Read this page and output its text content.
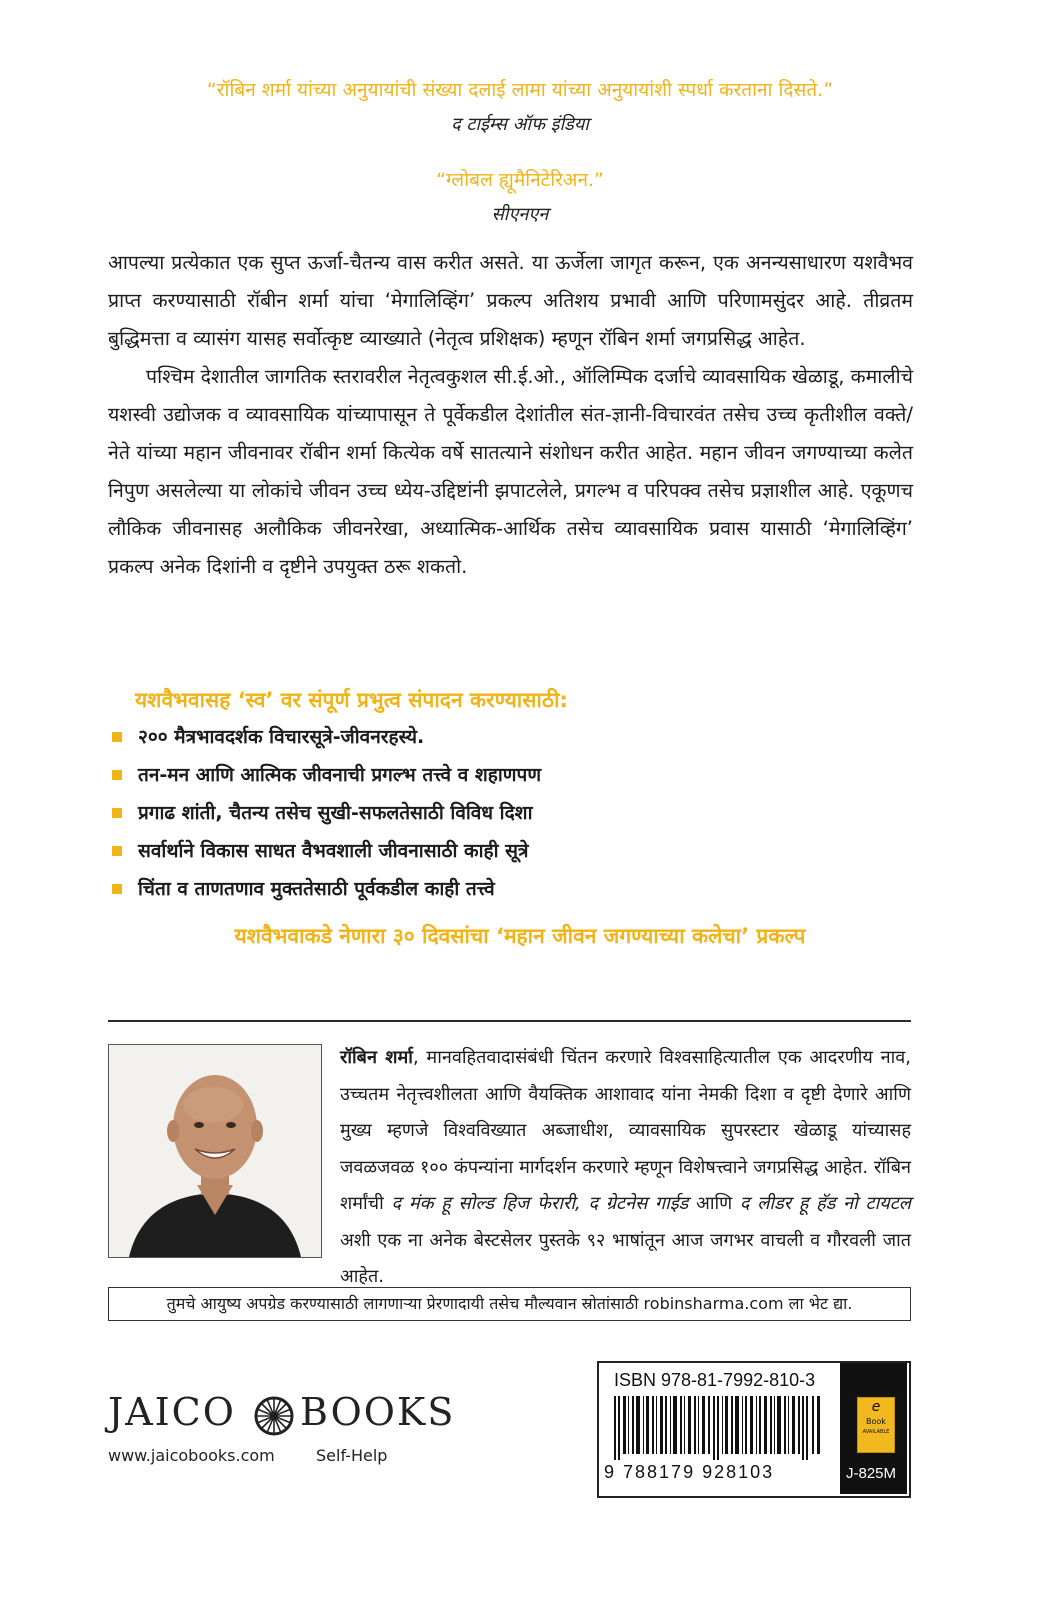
“रॉबिन शर्मा यांच्या अनुयायांची संख्या दलाई लामा यांच्या अनुयायांशी स्पर्धा करताना दिसते.”
द टाईम्स ऑफ इंडिया
“ग्लोबल ह्यूमैनिटेरिअन.”
सीएनएन

आपल्या प्रत्येकात एक सुप्त ऊर्जा-चैतन्य वास करीत असते. या ऊर्जेला जागृत करून, एक अनन्यसाधारण यशवैभव प्राप्त करण्यासाठी रॉबीन शर्मा यांचा ‘मेगालिव्हिंग’ प्रकल्प अतिशय प्रभावी आणि परिणामसुंदर आहे. तीव्रतम बुद्धिमत्ता व व्यासंग यासह सर्वोत्कृष्ट व्याख्याते (नेतृत्व प्रशिक्षक) म्हणून रॉबिन शर्मा जगप्रसिद्ध आहेत.

पश्चिम देशातील जागतिक स्तरावरील नेतृत्वकुशल सी.ई.ओ., ऑलिम्पिक दर्जाचे व्यावसायिक खेळाडू, कमालीचे यशस्वी उद्योजक व व्यावसायिक यांच्यापासून ते पूर्वेकडील देशांतील संत-ज्ञानी-विचारवंत तसेच उच्च कृतीशील वक्ते/नेते यांच्या महान जीवनावर रॉबीन शर्मा कित्येक वर्षे सातत्याने संशोधन करीत आहेत. महान जीवन जगण्याच्या कलेत निपुण असलेल्या या लोकांचे जीवन उच्च ध्येय-उद्दिष्टांनी झपाटलेले, प्रगल्भ व परिपक्व तसेच प्रज्ञाशील आहे. एकूणच लौकिक जीवनासह अलौकिक जीवनरेखा, अध्यात्मिक-आर्थिक तसेच व्यावसायिक प्रवास यासाठी ‘मेगालिव्हिंग’ प्रकल्प अनेक दिशांनी व दृष्टीने उपयुक्त ठरू शकतो.

यशवैभवासह ‘स्व’ वर संपूर्ण प्रभुत्व संपादन करण्यासाठी:
२०० मैत्रभावदर्शक विचारसूत्रे-जीवनरहस्ये.
तन-मन आणि आत्मिक जीवनाची प्रगल्भ तत्त्वे व शहाणपण
प्रगाढ शांती, चैतन्य तसेच सुखी-सफलतेसाठी विविध दिशा
सर्वार्थाने विकास साधत वैभवशाली जीवनासाठी काही सूत्रे
चिंता व ताणतणाव मुक्ततेसाठी पूर्वकडील काही तत्त्वे
यशवैभवाकडे नेणारा ३० दिवसांचा ‘महान जीवन जगण्याच्या कलेचा’ प्रकल्प

रॉबिन शर्मा, मानवहितवादासंबंधी चिंतन करणारे विश्वसाहित्यातील एक आदरणीय नाव, उच्चतम नेतृत्त्वशीलता आणि वैयक्तिक आशावाद यांना नेमकी दिशा व दृष्टी देणारे आणि मुख्य म्हणजे विश्वविख्यात अब्जाधीश, व्यावसायिक सुपरस्टार खेळाडू यांच्यासह जवळजवळ १०० कंपन्यांना मार्गदर्शन करणारे म्हणून विशेषत्त्वाने जगप्रसिद्ध आहेत. रॉबिन शर्मांची द मंक हू सोल्ड हिज फेरारी, द ग्रेटनेस गाईड आणि द लीडर हू हॅड नो टायटल अशी एक ना अनेक बेस्टसेलर पुस्तके ९२ भाषांतून आज जगभर वाचली व गौरवली जात आहेत.

तुमचे आयुष्य अपग्रेड करण्यासाठी लागणाऱ्या प्रेरणादायी तसेच मौल्यवान स्रोतांसाठी robinsharma.com ला भेट द्या.
JAICO BOOKS
www.jaicobooks.com	Self-Help
ISBN 978-81-7992-810-3
9 788179 928103
e
Book
AVAILABLE
J-825M
